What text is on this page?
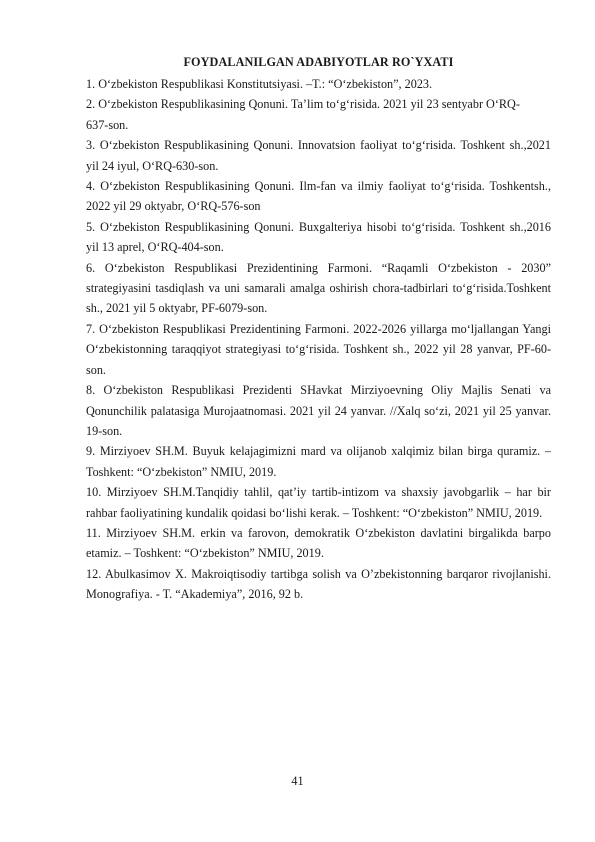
FOYDALANILGAN ADABIYOTLAR RO`YXATI

1. O‘zbekiston Respublikasi Konstitutsiyasi. –T.: “O‘zbekiston”, 2023.

2. O‘zbekiston Respublikasining Qonuni. Ta’lim to‘g‘risida. 2021 yil 23 sentyabr O‘RQ-637-son.

3. O‘zbekiston Respublikasining Qonuni. Innovatsion faoliyat to‘g‘risida. Toshkent sh.,2021 yil 24 iyul, O‘RQ-630-son.

4. O‘zbekiston Respublikasining Qonuni. Ilm-fan va ilmiy faoliyat to‘g‘risida. Toshkentsh., 2022 yil 29 oktyabr, O‘RQ-576-son

5. O‘zbekiston Respublikasining Qonuni. Buxgalteriya hisobi to‘g‘risida. Toshkent sh.,2016 yil 13 aprel, O‘RQ-404-son.

6. O‘zbekiston Respublikasi Prezidentining Farmoni. “Raqamli O‘zbekiston - 2030” strategiyasini tasdiqlash va uni samarali amalga oshirish chora-tadbirlari to‘g‘risida.Toshkent sh., 2021 yil 5 oktyabr, PF-6079-son.

7. O‘zbekiston Respublikasi Prezidentining Farmoni. 2022-2026 yillarga mo‘ljallangan Yangi O‘zbekistonning taraqqiyot strategiyasi to‘g‘risida. Toshkent sh., 2022 yil 28 yanvar, PF-60-son.

8. O‘zbekiston Respublikasi Prezidenti SHavkat Mirziyoevning Oliy Majlis Senati va Qonunchilik palatasiga Murojaatnomasi. 2021 yil 24 yanvar. //Xalq so‘zi, 2021 yil 25 yanvar. 19-son.

9. Mirziyoev SH.M. Buyuk kelajagimizni mard va olijanob xalqimiz bilan birga quramiz. – Toshkent: “O‘zbekiston” NMIU, 2019.

10. Mirziyoev SH.M.Tanqidiy tahlil, qat’iy tartib-intizom va shaxsiy javobgarlik – har bir rahbar faoliyatining kundalik qoidasi bo‘lishi kerak. – Toshkent: “O‘zbekiston” NMIU, 2019.

11. Mirziyoev SH.M. erkin va farovon, demokratik O‘zbekiston davlatini birgalikda barpo etamiz. – Toshkent: “O‘zbekiston” NMIU, 2019.

12. Abulkasimov X. Makroiqtisodiy tartibga solish va O’zbekistonning barqaror rivojlanishi. Monografiya. - T. “Akademiya”, 2016, 92 b.

41
